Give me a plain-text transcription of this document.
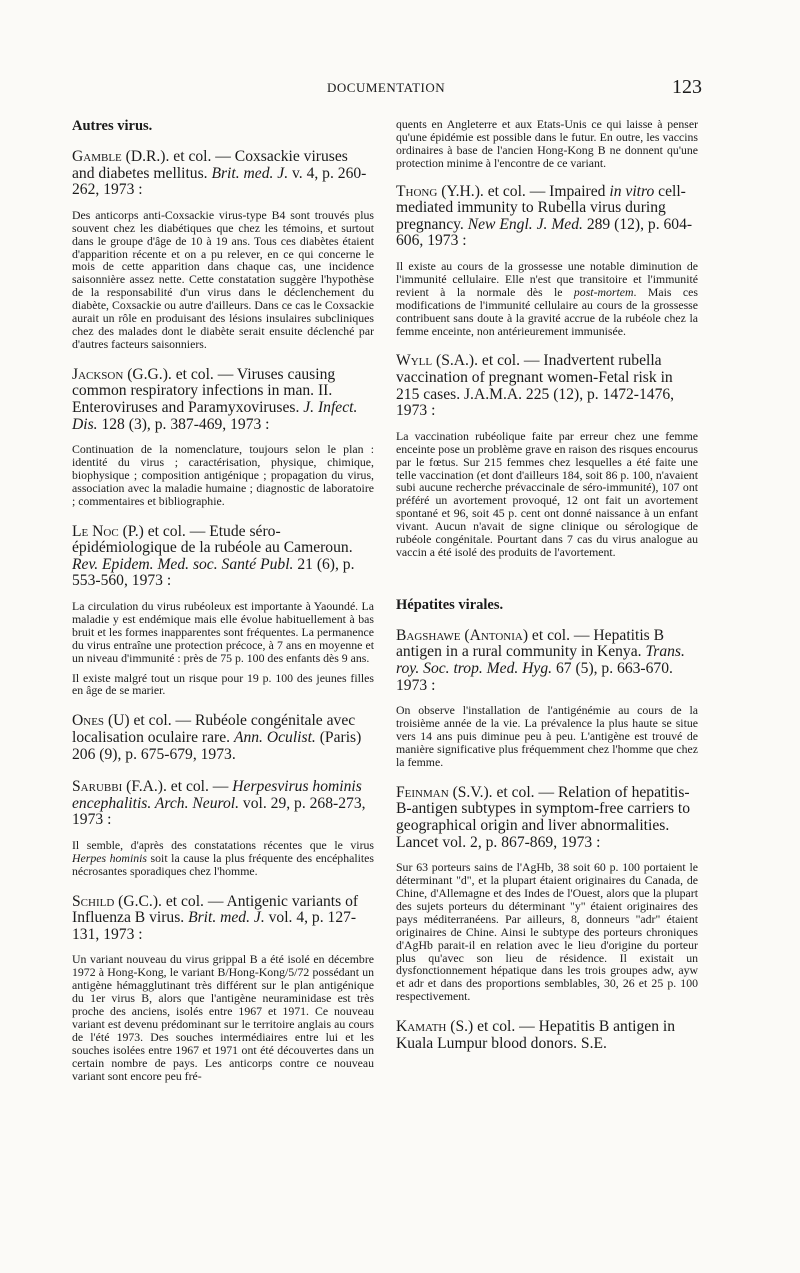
DOCUMENTATION	123
Autres virus.
Gamble (D.R.). et col. — Coxsackie viruses and diabetes mellitus. Brit. med. J. v. 4, p. 260-262, 1973 :
Des anticorps anti-Coxsackie virus-type B4 sont trouvés plus souvent chez les diabétiques que chez les témoins, et surtout dans le groupe d'âge de 10 à 19 ans. Tous ces diabètes étaient d'apparition récente et on a pu relever, en ce qui concerne le mois de cette apparition dans chaque cas, une incidence saisonnière assez nette. Cette constatation suggère l'hypothèse de la responsabilité d'un virus dans le déclenchement du diabète, Coxsackie ou autre d'ailleurs. Dans ce cas le Coxsackie aurait un rôle en produisant des lésions insulaires subcliniques chez des malades dont le diabète serait ensuite déclenché par d'autres facteurs saisonniers.
Jackson (G.G.). et col. — Viruses causing common respiratory infections in man. II. Enteroviruses and Paramyxoviruses. J. Infect. Dis. 128 (3), p. 387-469, 1973 :
Continuation de la nomenclature, toujours selon le plan : identité du virus ; caractérisation, physique, chimique, biophysique ; composition antigénique ; propagation du virus, association avec la maladie humaine ; diagnostic de laboratoire ; commentaires et bibliographie.
Le Noc (P.) et col. — Etude séro-épidémiologique de la rubéole au Cameroun. Rev. Epidem. Med. soc. Santé Publ. 21 (6), p. 553-560, 1973 :
La circulation du virus rubéoleux est importante à Yaoundé. La maladie y est endémique mais elle évolue habituellement à bas bruit et les formes inapparentes sont fréquentes. La permanence du virus entraîne une protection précoce, à 7 ans en moyenne et un niveau d'immunité : près de 75 p. 100 des enfants dès 9 ans.
Il existe malgré tout un risque pour 19 p. 100 des jeunes filles en âge de se marier.
Ones (U) et col. — Rubéole congénitale avec localisation oculaire rare. Ann. Oculist. (Paris) 206 (9), p. 675-679, 1973.
Sarubbi (F.A.). et col. — Herpesvirus hominis encephalitis. Arch. Neurol. vol. 29, p. 268-273, 1973 :
Il semble, d'après des constatations récentes que le virus Herpes hominis soit la cause la plus fréquente des encéphalites nécrosantes sporadiques chez l'homme.
Schild (G.C.). et col. — Antigenic variants of Influenza B virus. Brit. med. J. vol. 4, p. 127-131, 1973 :
Un variant nouveau du virus grippal B a été isolé en décembre 1972 à Hong-Kong, le variant B/Hong-Kong/5/72 possédant un antigène hémagglutinant très différent sur le plan antigénique du 1er virus B, alors que l'antigène neuraminidase est très proche des anciens, isolés entre 1967 et 1971. Ce nouveau variant est devenu prédominant sur le territoire anglais au cours de l'été 1973. Des souches intermédiaires entre lui et les souches isolées entre 1967 et 1971 ont été découvertes dans un certain nombre de pays. Les anticorps contre ce nouveau variant sont encore peu fré-
quents en Angleterre et aux Etats-Unis ce qui laisse à penser qu'une épidémie est possible dans le futur. En outre, les vaccins ordinaires à base de l'ancien Hong-Kong B ne donnent qu'une protection minime à l'encontre de ce variant.
Thong (Y.H.). et col. — Impaired in vitro cell-mediated immunity to Rubella virus during pregnancy. New Engl. J. Med. 289 (12), p. 604-606, 1973 :
Il existe au cours de la grossesse une notable diminution de l'immunité cellulaire. Elle n'est que transitoire et l'immunité revient à la normale dès le post-mortem. Mais ces modifications de l'immunité cellulaire au cours de la grossesse contribuent sans doute à la gravité accrue de la rubéole chez la femme enceinte, non antérieurement immunisée.
Wyll (S.A.). et col. — Inadvertent rubella vaccination of pregnant women-Fetal risk in 215 cases. J.A.M.A. 225 (12), p. 1472-1476, 1973 :
La vaccination rubéolique faite par erreur chez une femme enceinte pose un problème grave en raison des risques encourus par le fœtus. Sur 215 femmes chez lesquelles a été faite une telle vaccination (et dont d'ailleurs 184, soit 86 p. 100, n'avaient subi aucune recherche prévaccinale de séro-immunité), 107 ont préféré un avortement provoqué, 12 ont fait un avortement spontané et 96, soit 45 p. cent ont donné naissance à un enfant vivant. Aucun n'avait de signe clinique ou sérologique de rubéole congénitale. Pourtant dans 7 cas du virus analogue au vaccin a été isolé des produits de l'avortement.
Hépatites virales.
Bagshawe (Antonia) et col. — Hepatitis B antigen in a rural community in Kenya. Trans. roy. Soc. trop. Med. Hyg. 67 (5), p. 663-670. 1973 :
On observe l'installation de l'antigénémie au cours de la troisième année de la vie. La prévalence la plus haute se situe vers 14 ans puis diminue peu à peu. L'antigène est trouvé de manière significative plus fréquemment chez l'homme que chez la femme.
Feinman (S.V.). et col. — Relation of hepatitis-B-antigen subtypes in symptom-free carriers to geographical origin and liver abnormalities. Lancet vol. 2, p. 867-869, 1973 :
Sur 63 porteurs sains de l'AgHb, 38 soit 60 p. 100 portaient le déterminant "d", et la plupart étaient originaires du Canada, de Chine, d'Allemagne et des Indes de l'Ouest, alors que la plupart des sujets porteurs du déterminant "y" étaient originaires des pays méditerranéens. Par ailleurs, 8, donneurs "adr" étaient originaires de Chine. Ainsi le subtype des porteurs chroniques d'AgHb parait-il en relation avec le lieu d'origine du porteur plus qu'avec son lieu de résidence. Il existait un dysfonctionnement hépatique dans les trois groupes adw, ayw et adr et dans des proportions semblables, 30, 26 et 25 p. 100 respectivement.
Kamath (S.) et col. — Hepatitis B antigen in Kuala Lumpur blood donors. S.E.
